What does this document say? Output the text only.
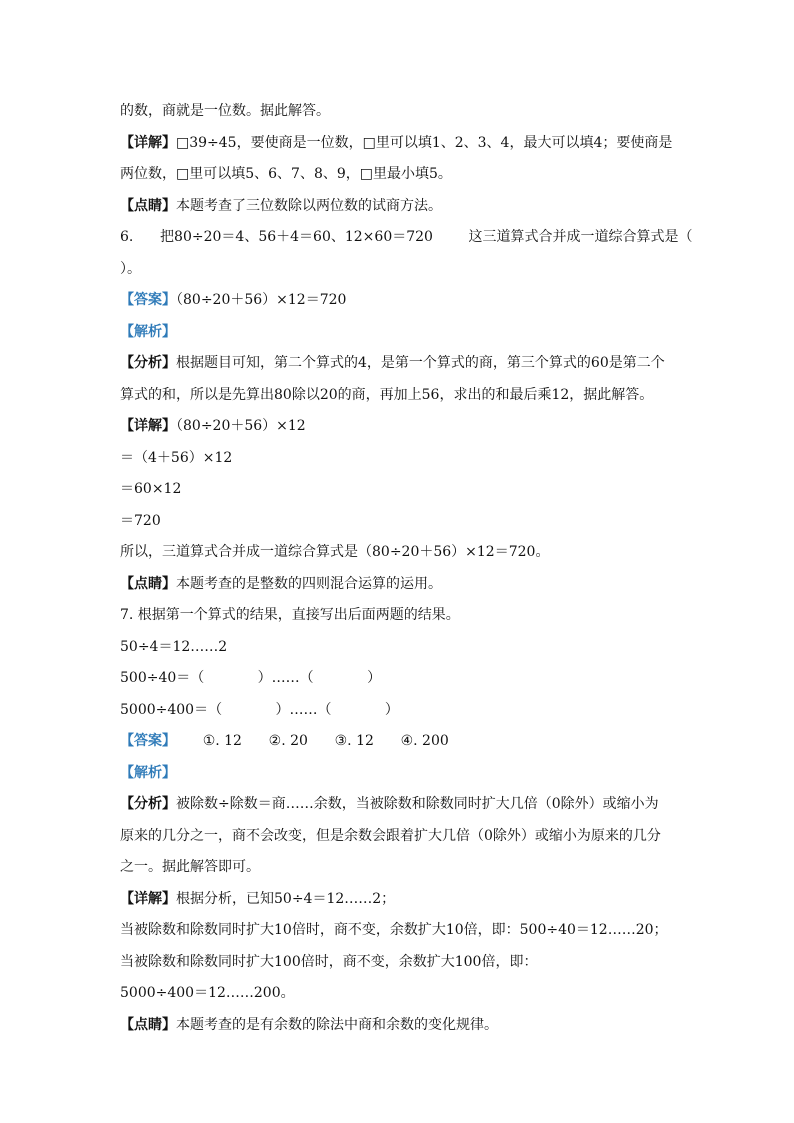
的数，商就是一位数。据此解答。
【详解】□39÷45，要使商是一位数，□里可以填1、2、3、4，最大可以填4；要使商是
两位数，□里可以填5、6、7、8、9，□里最小填5。
【点睛】本题考查了三位数除以两位数的试商方法。
6.      把80÷20＝4、56＋4＝60、12×60＝720        这三道算式合并成一道综合算式是（
）。
【答案】（80÷20＋56）×12＝720
【解析】
【分析】根据题目可知，第二个算式的4，是第一个算式的商，第三个算式的60是第二个
算式的和，所以是先算出80除以20的商，再加上56，求出的和最后乘12，据此解答。
【详解】（80÷20＋56）×12
＝（4＋56）×12
＝60×12
＝720
所以，三道算式合并成一道综合算式是（80÷20＋56）×12＝720。
【点睛】本题考查的是整数的四则混合运算的运用。
7. 根据第一个算式的结果，直接写出后面两题的结果。
50÷4＝12……2
500÷40＝（            ）……（            ）
5000÷400＝（            ）……（            ）
【答案】      ①. 12      ②. 20      ③. 12      ④. 200
【解析】
【分析】被除数÷除数＝商……余数，当被除数和除数同时扩大几倍（0除外）或缩小为
原来的几分之一，商不会改变，但是余数会跟着扩大几倍（0除外）或缩小为原来的几分
之一。据此解答即可。
【详解】根据分析，已知50÷4＝12……2；
当被除数和除数同时扩大10倍时，商不变，余数扩大10倍，即：500÷40＝12……20；
当被除数和除数同时扩大100倍时，商不变，余数扩大100倍，即：
5000÷400＝12……200。
【点睛】本题考查的是有余数的除法中商和余数的变化规律。
